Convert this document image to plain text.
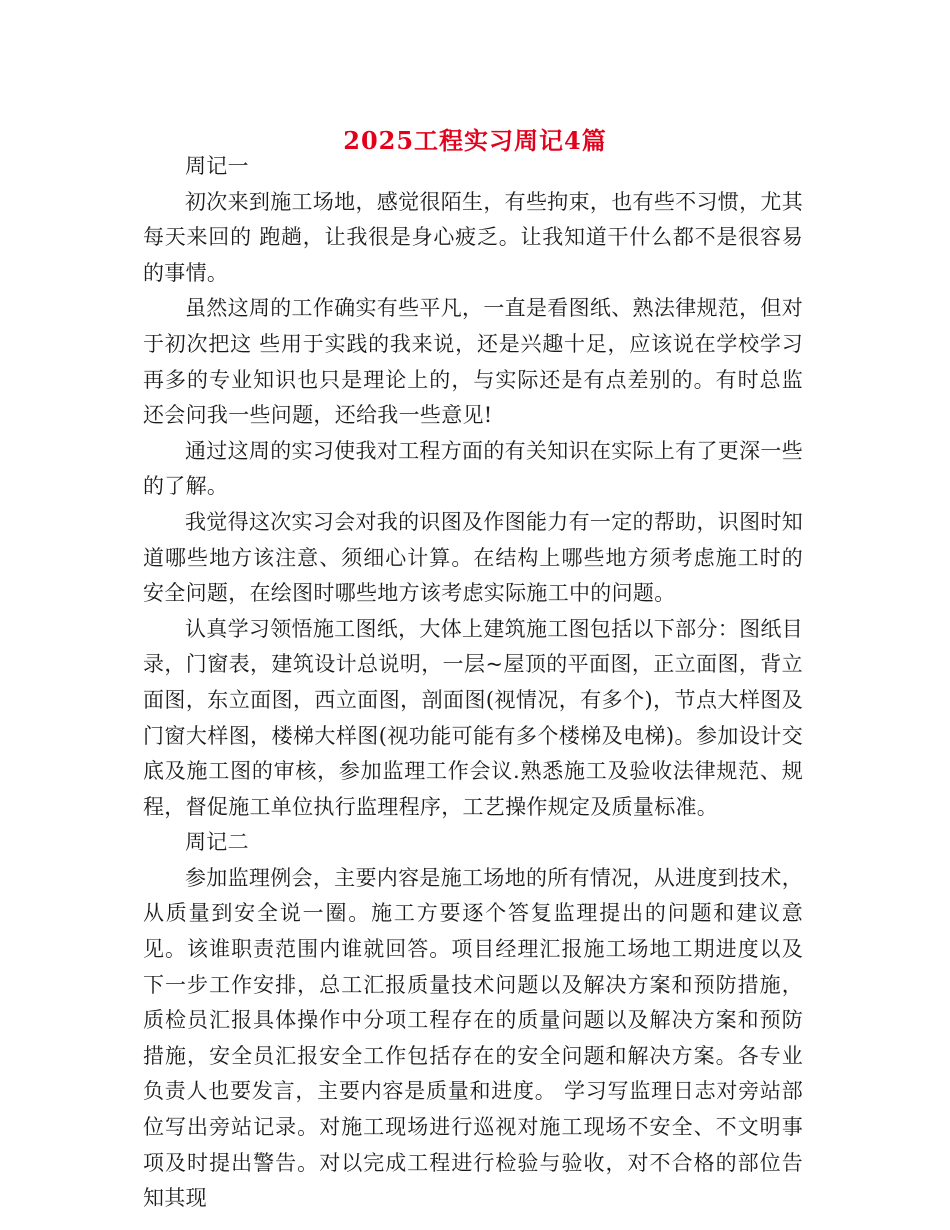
2025工程实习周记4篇

周记一

初次来到施工场地，感觉很陌生，有些拘束，也有些不习惯，尤其每天来回的 跑趟，让我很是身心疲乏。让我知道干什么都不是很容易的事情。

虽然这周的工作确实有些平凡，一直是看图纸、熟法律规范，但对于初次把这 些用于实践的我来说，还是兴趣十足，应该说在学校学习再多的专业知识也只是理论上的，与实际还是有点差别的。有时总监还会问我一些问题，还给我一些意见!

通过这周的实习使我对工程方面的有关知识在实际上有了更深一些的了解。

我觉得这次实习会对我的识图及作图能力有一定的帮助，识图时知道哪些地方该注意、须细心计算。在结构上哪些地方须考虑施工时的安全问题，在绘图时哪些地方该考虑实际施工中的问题。

认真学习领悟施工图纸，大体上建筑施工图包括以下部分：图纸目录，门窗表，建筑设计总说明，一层~屋顶的平面图，正立面图，背立面图，东立面图，西立面图，剖面图(视情况，有多个)，节点大样图及门窗大样图，楼梯大样图(视功能可能有多个楼梯及电梯)。参加设计交底及施工图的审核，参加监理工作会议.熟悉施工及验收法律规范、规程，督促施工单位执行监理程序，工艺操作规定及质量标准。

周记二

参加监理例会，主要内容是施工场地的所有情况，从进度到技术，从质量到安全说一圈。施工方要逐个答复监理提出的问题和建议意见。该谁职责范围内谁就回答。项目经理汇报施工场地工期进度以及下一步工作安排，总工汇报质量技术问题以及解决方案和预防措施，质检员汇报具体操作中分项工程存在的质量问题以及解决方案和预防措施，安全员汇报安全工作包括存在的安全问题和解决方案。各专业负责人也要发言，主要内容是质量和进度。 学习写监理日志对旁站部位写出旁站记录。对施工现场进行巡视对施工现场不安全、不文明事项及时提出警告。对以完成工程进行检验与验收，对不合格的部位告知其现
